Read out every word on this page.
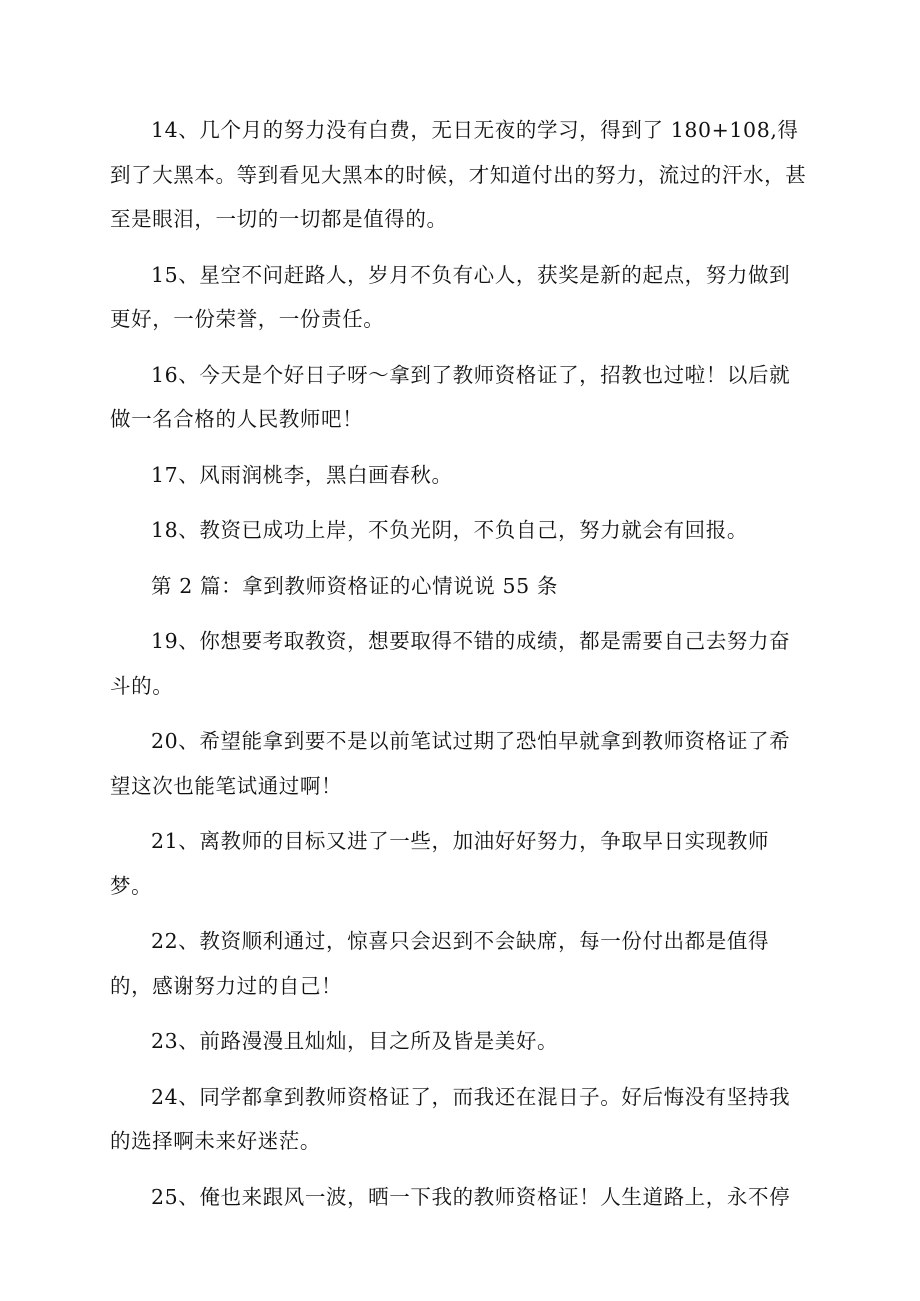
14、几个月的努力没有白费，无日无夜的学习，得到了 180+108,得到了大黑本。等到看见大黑本的时候，才知道付出的努力，流过的汗水，甚至是眼泪，一切的一切都是值得的。

15、星空不问赶路人，岁月不负有心人，获奖是新的起点，努力做到更好，一份荣誉，一份责任。

16、今天是个好日子呀～拿到了教师资格证了，招教也过啦！以后就做一名合格的人民教师吧！

17、风雨润桃李，黑白画春秋。

18、教资已成功上岸，不负光阴，不负自己，努力就会有回报。

第 2 篇：拿到教师资格证的心情说说 55 条

19、你想要考取教资，想要取得不错的成绩，都是需要自己去努力奋斗的。

20、希望能拿到要不是以前笔试过期了恐怕早就拿到教师资格证了希望这次也能笔试通过啊！

21、离教师的目标又进了一些，加油好好努力，争取早日实现教师梦。

22、教资顺利通过，惊喜只会迟到不会缺席，每一份付出都是值得的，感谢努力过的自己！

23、前路漫漫且灿灿，目之所及皆是美好。

24、同学都拿到教师资格证了，而我还在混日子。好后悔没有坚持我的选择啊未来好迷茫。

25、俺也来跟风一波，晒一下我的教师资格证！人生道路上，永不停
